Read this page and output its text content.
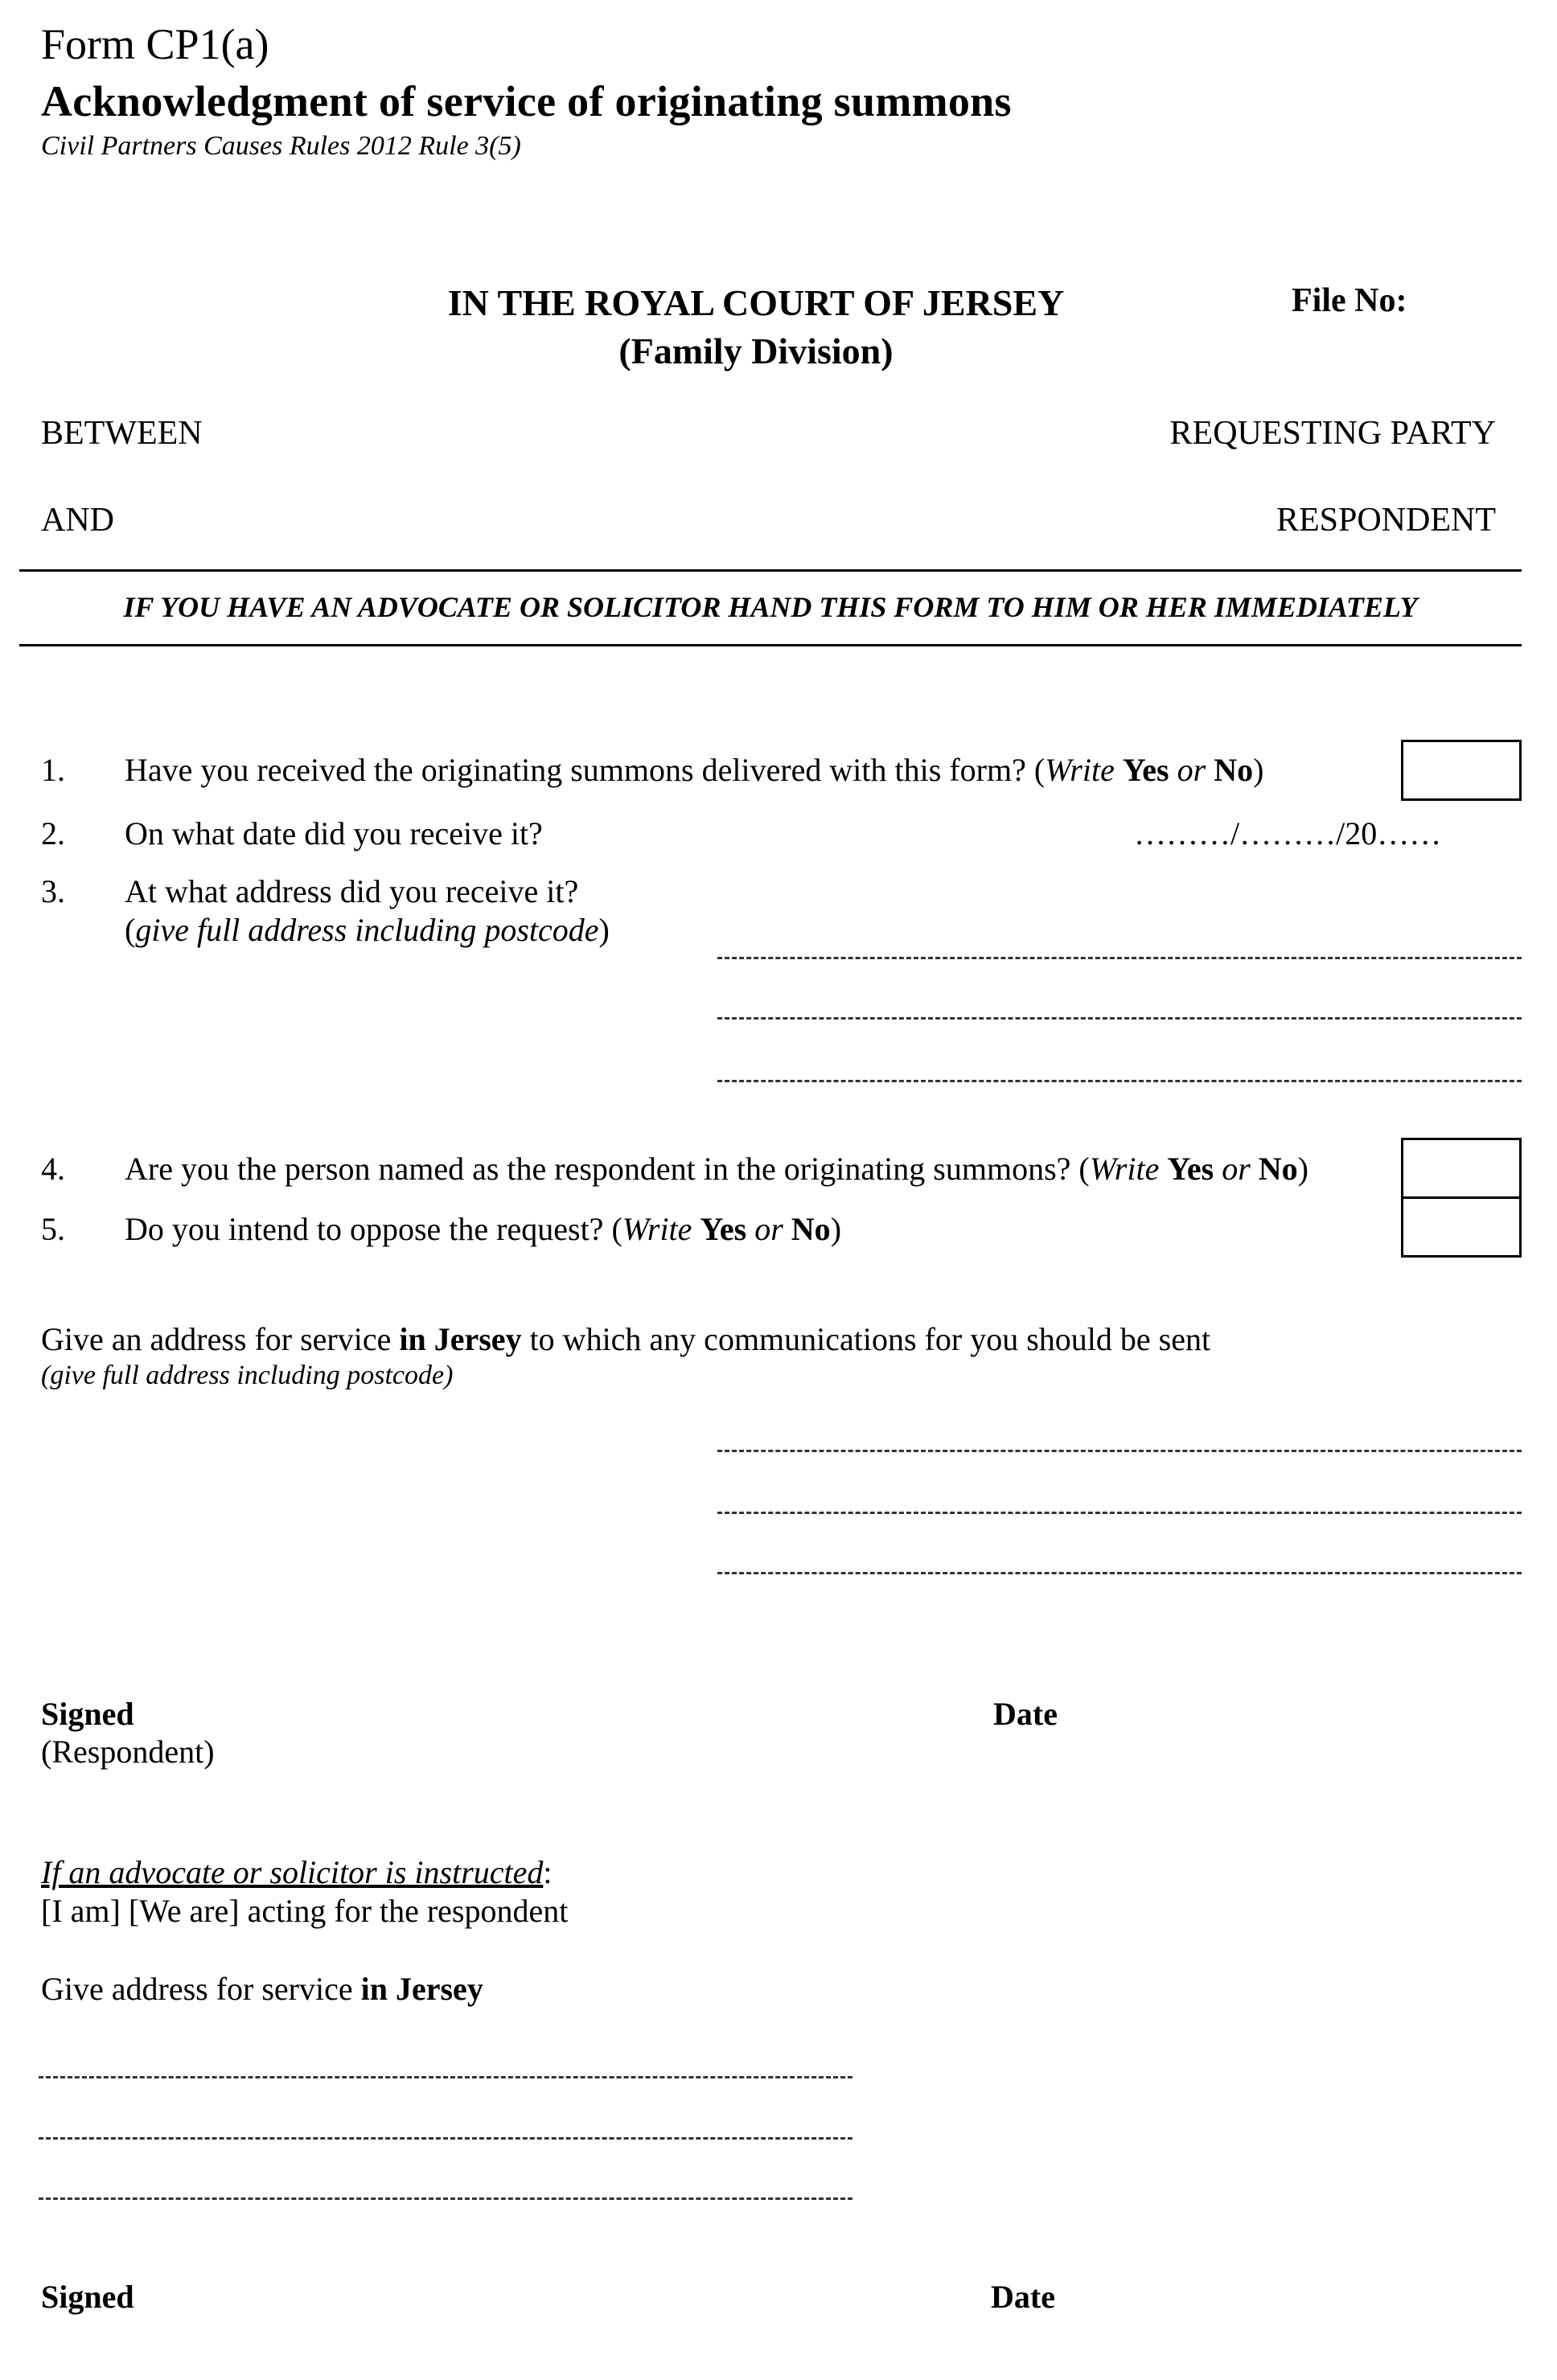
Form CP1(a)
Acknowledgment of service of originating summons
Civil Partners Causes Rules 2012 Rule 3(5)
IN THE ROYAL COURT OF JERSEY
(Family Division)
File No:
BETWEEN	REQUESTING PARTY
AND	RESPONDENT
IF YOU HAVE AN ADVOCATE OR SOLICITOR HAND THIS FORM TO HIM OR HER IMMEDIATELY
1. Have you received the originating summons delivered with this form? (Write Yes or No)
2. On what date did you receive it?	………/………/20……
3. At what address did you receive it?
(give full address including postcode)
4. Are you the person named as the respondent in the originating summons? (Write Yes or No)
5. Do you intend to oppose the request? (Write Yes or No)
Give an address for service in Jersey to which any communications for you should be sent
(give full address including postcode)
Signed
(Respondent)
Date
If an advocate or solicitor is instructed:
[I am] [We are] acting for the respondent
Give address for service in Jersey
Signed	Date
